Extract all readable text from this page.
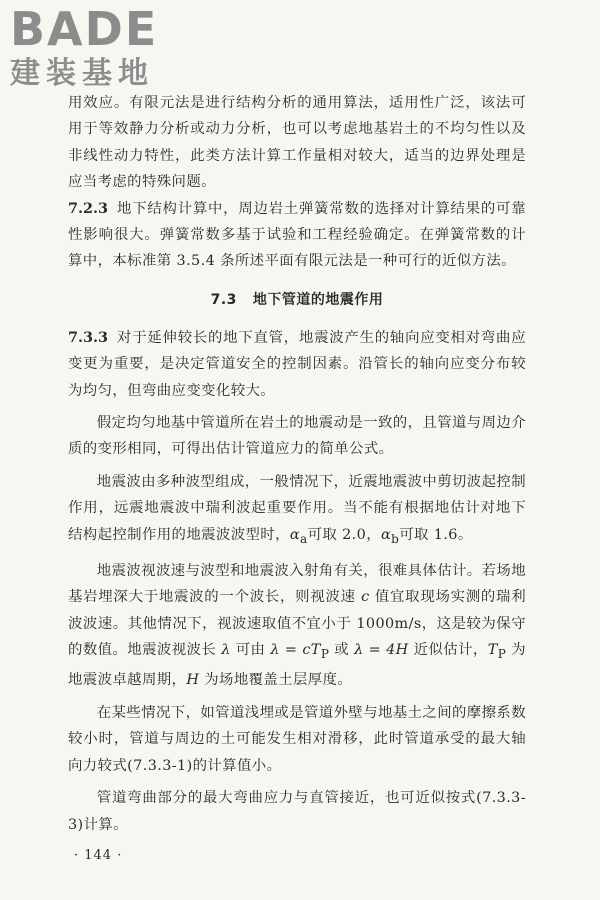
BADE
建装基地

用效应。有限元法是进行结构分析的通用算法，适用性广泛，该法可用于等效静力分析或动力分析，也可以考虑地基岩土的不均匀性以及非线性动力特性，此类方法计算工作量相对较大，适当的边界处理是应当考虑的特殊问题。

7.2.3 地下结构计算中，周边岩土弹簧常数的选择对计算结果的可靠性影响很大。弹簧常数多基于试验和工程经验确定。在弹簧常数的计算中，本标准第 3.5.4 条所述平面有限元法是一种可行的近似方法。

7.3 地下管道的地震作用

7.3.3 对于延伸较长的地下直管，地震波产生的轴向应变相对弯曲应变更为重要，是决定管道安全的控制因素。沿管长的轴向应变分布较为均匀，但弯曲应变变化较大。

假定均匀地基中管道所在岩土的地震动是一致的，且管道与周边介质的变形相同，可得出估计管道应力的简单公式。

地震波由多种波型组成，一般情况下，近震地震波中剪切波起控制作用，远震地震波中瑞利波起重要作用。当不能有根据地估计对地下结构起控制作用的地震波波型时，$\alpha_a$可取 2.0，$\alpha_b$可取 1.6。

地震波视波速与波型和地震波入射角有关，很难具体估计。若场地基岩埋深大于地震波的一个波长，则视波速 c 值宜取现场实测的瑞利波波速。其他情况下，视波速取值不宜小于 1000m/s，这是较为保守的数值。地震波视波长 λ 可由 $\lambda = cT_P$ 或 λ = 4H 近似估计，$T_P$ 为地震波卓越周期，H 为场地覆盖土层厚度。

在某些情况下，如管道浅埋或是管道外壁与地基土之间的摩擦系数较小时，管道与周边的土可能发生相对滑移，此时管道承受的最大轴向力较式(7.3.3-1)的计算值小。

管道弯曲部分的最大弯曲应力与直管接近，也可近似按式(7.3.3-3)计算。

· 144 ·
